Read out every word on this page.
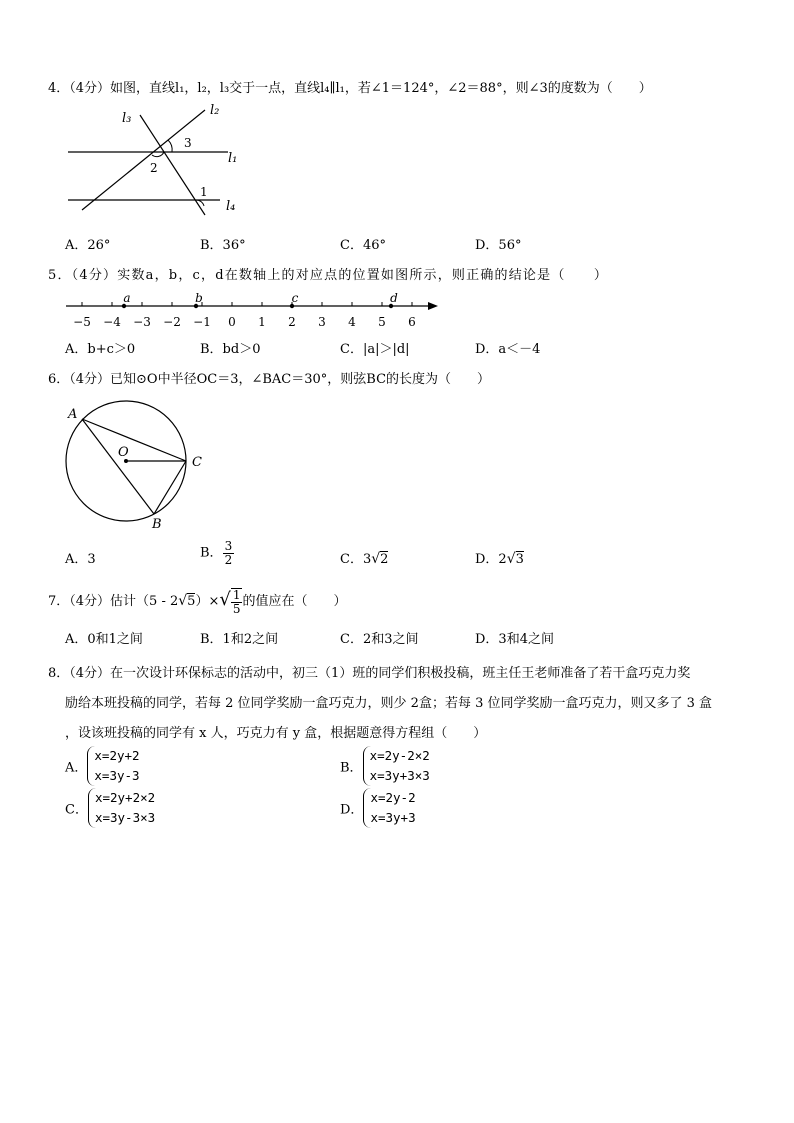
4．（4分）如图，直线l₁，l₂，l₃交于一点，直线l₄∥l₁，若∠1＝124°，∠2＝88°，则∠3的度数为（　　）
l₃
l₂
l₁
l₄
3
2
1
A．26°	B．36°	C．46°	D．56°
5．（4分）实数a，b，c，d在数轴上的对应点的位置如图所示，则正确的结论是（　　）
−5 −4 −3 −2 −1 0 1 2 3 4 5 6
a	b	c	d
A．b+c＞0	B．bd＞0	C．|a|＞|d|	D．a＜－4
6．（4分）已知⊙O中半径OC＝3，∠BAC＝30°，则弦BC的长度为（　　）
A
O
C
B
A．3	B． $\frac{3}{2}$	C．3√2	D．2√3
7．（4分）估计$(5 - 2√5)\times√ \frac{1}{5}$ 的值应在（　　）
A．0和1之间	B．1和2之间	C．2和3之间	D．3和4之间
8．（4分）在一次设计环保标志的活动中，初三（1）班的同学们积极投稿，班主任王老师准备了若干盒巧克力奖
励给本班投稿的同学，若每 2 位同学奖励一盒巧克力，则少 2盒；若每 3 位同学奖励一盒巧克力，则又多了 3 盒
，设该班投稿的同学有 x 人，巧克力有 y 盒，根据题意得方程组（　　）
A．
x=2y+2
x=3y-3	B．
x=2y-2×2
x=3y+3×3
C．
x=2y+2×2
x=3y-3×3	D．
x=2y-2
x=3y+3
